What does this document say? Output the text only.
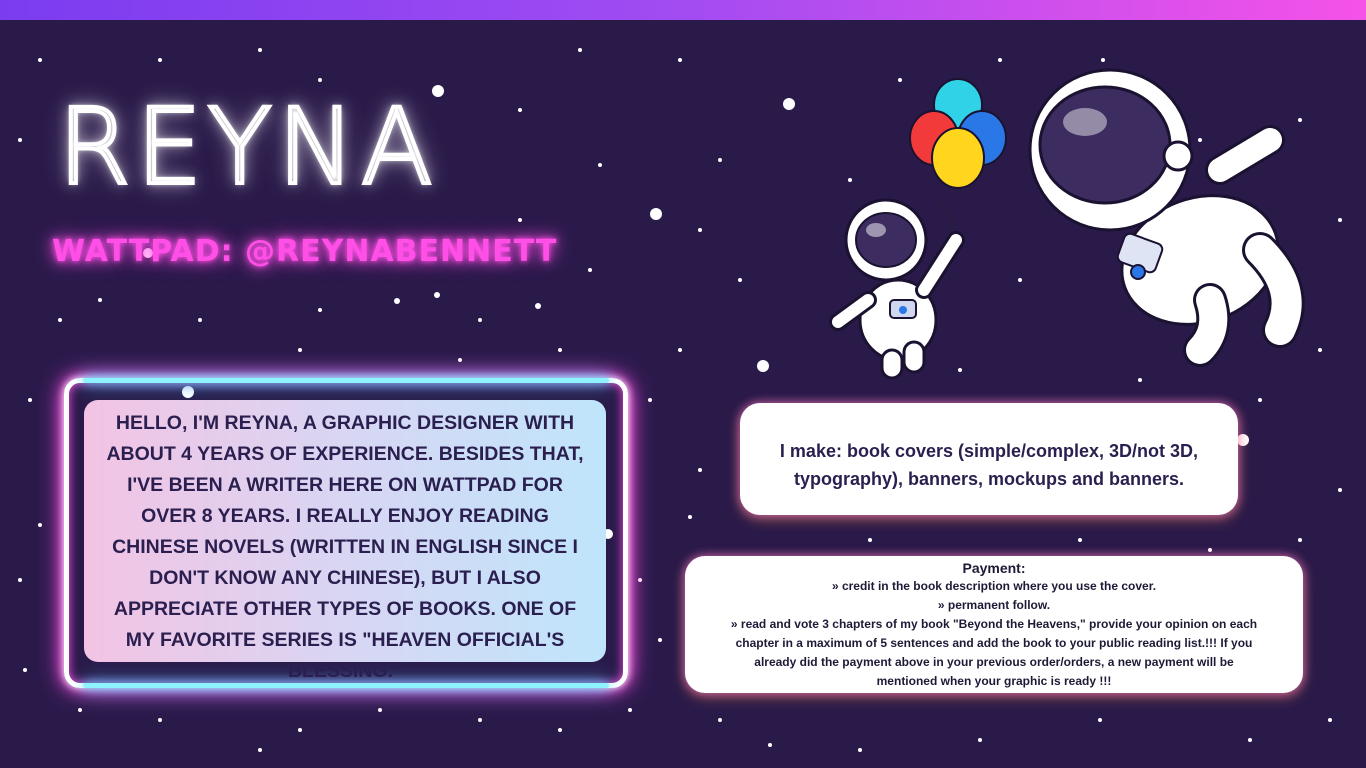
REYNA
WATTPAD: @REYNABENNETT

HELLO, I'M REYNA, A GRAPHIC DESIGNER WITH ABOUT 4 YEARS OF EXPERIENCE. BESIDES THAT, I'VE BEEN A WRITER HERE ON WATTPAD FOR OVER 8 YEARS. I REALLY ENJOY READING CHINESE NOVELS (WRITTEN IN ENGLISH SINCE I DON'T KNOW ANY CHINESE), BUT I ALSO APPRECIATE OTHER TYPES OF BOOKS. ONE OF MY FAVORITE SERIES IS "HEAVEN OFFICIAL'S BLESSING."

I make: book covers (simple/complex, 3D/not 3D, typography), banners, mockups and banners.

Payment:

» credit in the book description where you use the cover.

» permanent follow.

» read and vote 3 chapters of my book "Beyond the Heavens," provide your opinion on each chapter in a maximum of 5 sentences and add the book to your public reading list.!!! If you already did the payment above in your previous order/orders, a new payment will be mentioned when your graphic is ready !!!
